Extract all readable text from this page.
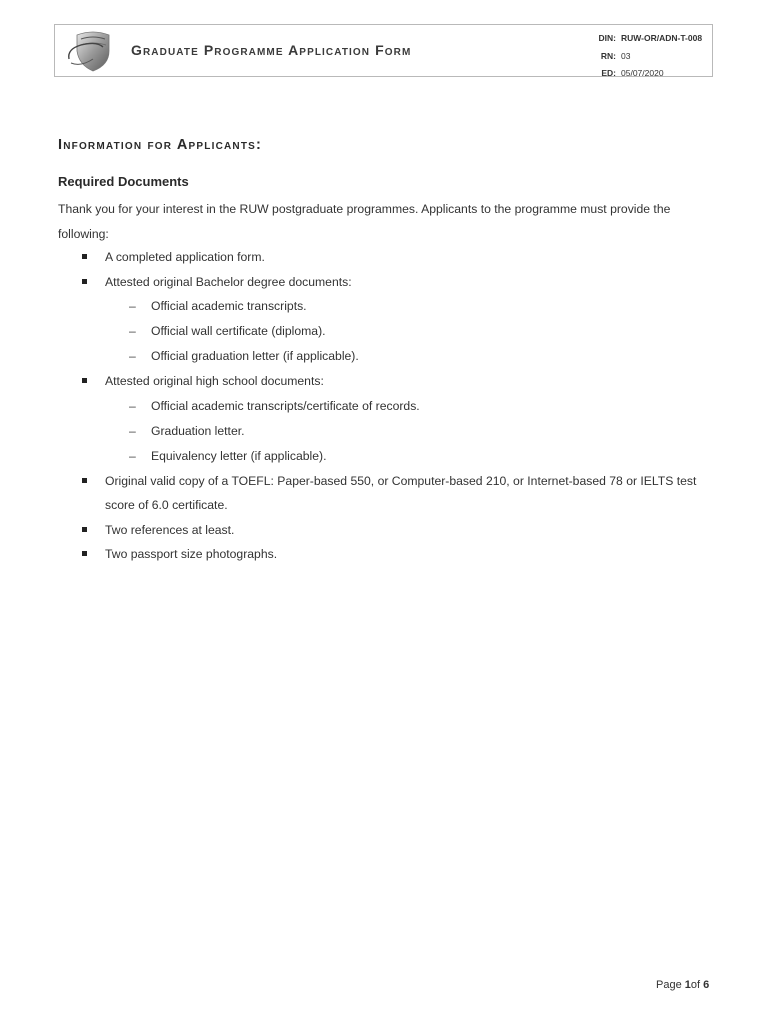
Graduate Programme Application Form
DIN: RUW-OR/ADN-T-008
RN: 03
ED: 05/07/2020
Information for Applicants:
Required Documents
Thank you for your interest in the RUW postgraduate programmes. Applicants to the programme must provide the following:
A completed application form.
Attested original Bachelor degree documents:
– Official academic transcripts.
– Official wall certificate (diploma).
– Official graduation letter (if applicable).
Attested original high school documents:
– Official academic transcripts/certificate of records.
– Graduation letter.
– Equivalency letter (if applicable).
Original valid copy of a TOEFL: Paper-based 550, or Computer-based 210, or Internet-based 78 or IELTS test score of 6.0 certificate.
Two references at least.
Two passport size photographs.
Page 1of 6
